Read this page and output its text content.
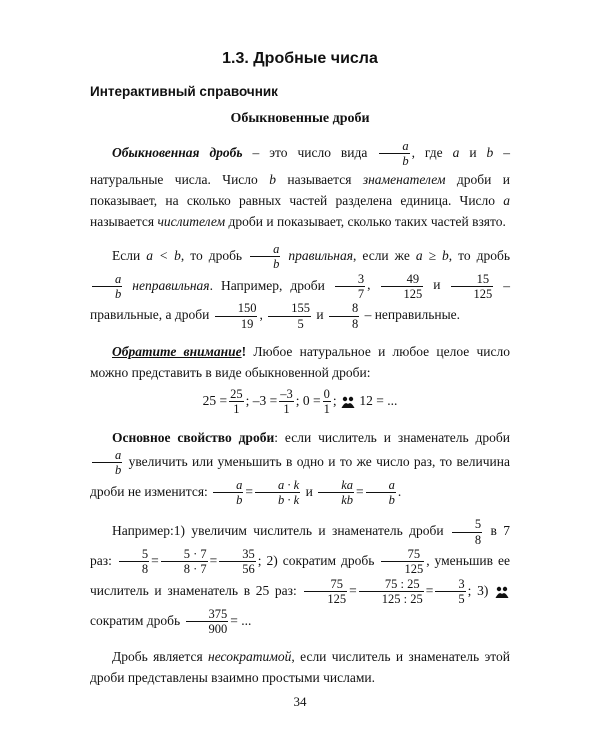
1.3. Дробные числа
Интерактивный справочник
Обыкновенные дроби

Обыкновенная дробь – это число вида $\frac{a}{b}$ , где a и b – натуральные числа. Число b называется знаменателем дроби и показывает, на сколько равных частей разделена единица. Число a называется числителем дроби и показывает, сколько таких частей взято.

Если a < b, то дробь $\frac{a}{b}$ правильная, если же a ≥ b, то дробь
$\frac{a}{b}$ неправильная. Например, дроби $\frac{3}{7}$ , $\frac{49}{125}$ и $\frac{15}{125}$ – правильные, а дроби $\frac{150}{19}$ , $\frac{155}{5}$ и $\frac{8}{8}$ – неправильные.

Обратите внимание! Любое натуральное и любое целое число можно представить в виде обыкновенной дроби:

$25 = \frac{25}{1}$ ; $-3 = \frac{-3}{1}$ ; $0 = \frac{0}{1}$ ; ? 12 = ...

Основное свойство дроби: если числитель и знаменатель дроби
$\frac{a}{b}$ увеличить или уменьшить в одно и то же число раз, то величина дроби не изменится: $\frac{a}{b} = \frac{a \cdot k}{b \cdot k}$ и $\frac{ka}{kb} = \frac{a}{b}$ .

Например:1) увеличим числитель и знаменатель дроби $\frac{5}{8}$ в 7 раз: $\frac{5}{8} = \frac{5 \cdot 7}{8 \cdot 7} = \frac{35}{56}$ ; 2) сократим дробь $\frac{75}{125}$ , уменьшив ее числитель и знаменатель в 25 раз: $\frac{75}{125} = \frac{75 : 25}{125 : 25} = \frac{3}{5}$ ; 3) ?
сократим дробь $\frac{375}{900}$ = ...

Дробь является несократимой, если числитель и знаменатель этой дроби представлены взаимно простыми числами.

34
